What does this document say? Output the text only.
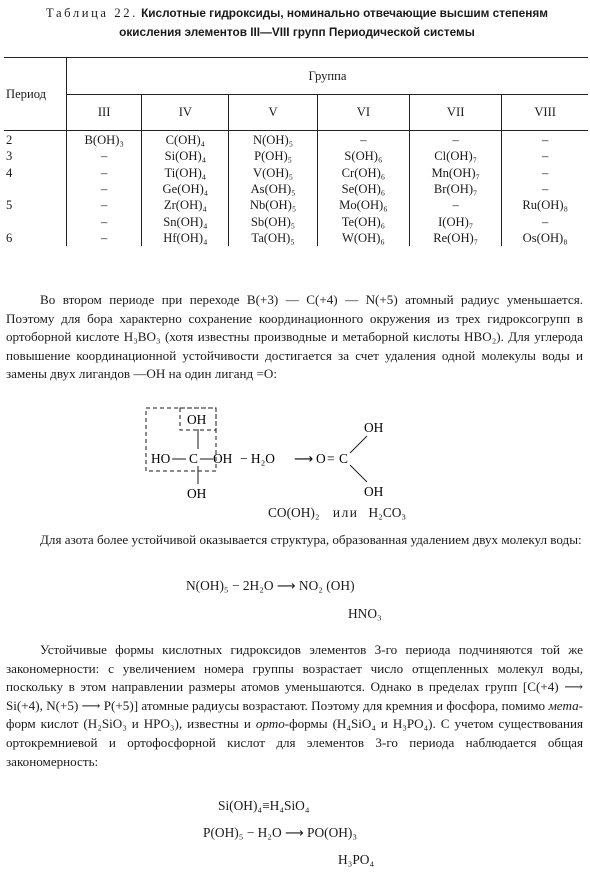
Таблица 22. Кислотные гидроксиды, номинально отвечающие высшим степеням
окисления элементов III—VIII групп Периодической системы
Период	Группа					
	III	IV	V	VI	VII	VIII
2	B(OH)₃	C(OH)₄	N(OH)₅	–	–	–
3	–	Si(OH)₄	P(OH)₅	S(OH)₆	Cl(OH)₇	–
4	–	Ti(OH)₄	V(OH)₅	Cr(OH)₆	Mn(OH)₇	–
	–	Ge(OH)₄	As(OH)₅	Se(OH)₆	Br(OH)₇	–
5	–	Zr(OH)₄	Nb(OH)₅	Mo(OH)₆	–	Ru(OH)₈
	–	Sn(OH)₄	Sb(OH)₅	Te(OH)₆	I(OH)₇	–
6	–	Hf(OH)₄	Ta(OH)₅	W(OH)₆	Re(OH)₇	Os(OH)₈

Во втором периоде при переходе B(+3) — C(+4) — N(+5) атомный радиус уменьшается. Поэтому для бора характерно сохранение координационного окружения из трех гидроксогрупп в ортоборной кислоте H₃BO₃ (хотя известны производные и метаборной кислоты HBO₂). Для углерода повышение координационной устойчивости достигается за счет удаления одной молекулы воды и замены двух лигандов —OH на один лиганд =O:

OH
HO C OH
OH
− H₂O ⟶ O = C
OH
OH
CO(OH)₂ или H₂CO₃

Для азота более устойчивой оказывается структура, образованная удалением двух молекул воды:

N(OH)₅ − 2H₂O ⟶ NO₂ (OH)
HNO₃

Устойчивые формы кислотных гидроксидов элементов 3-го периода подчиняются той же закономерности: с увеличением номера группы возрастает число отщепленных молекул воды, поскольку в этом направлении размеры атомов уменьшаются. Однако в пределах групп [C(+4) ⟶ Si(+4), N(+5) ⟶ P(+5)] атомные радиусы возрастают. Поэтому для кремния и фосфора, помимо мета-форм кислот (H₂SiO₃ и HPO₃), известны и орто-формы (H₄SiO₄ и H₃PO₄). С учетом существования ортокремниевой и ортофосфорной кислот для элементов 3-го периода наблюдается общая закономерность:

Si(OH)₄≡H₄SiO₄
P(OH)₅ − H₂O ⟶ PO(OH)₃
H₃PO₄
